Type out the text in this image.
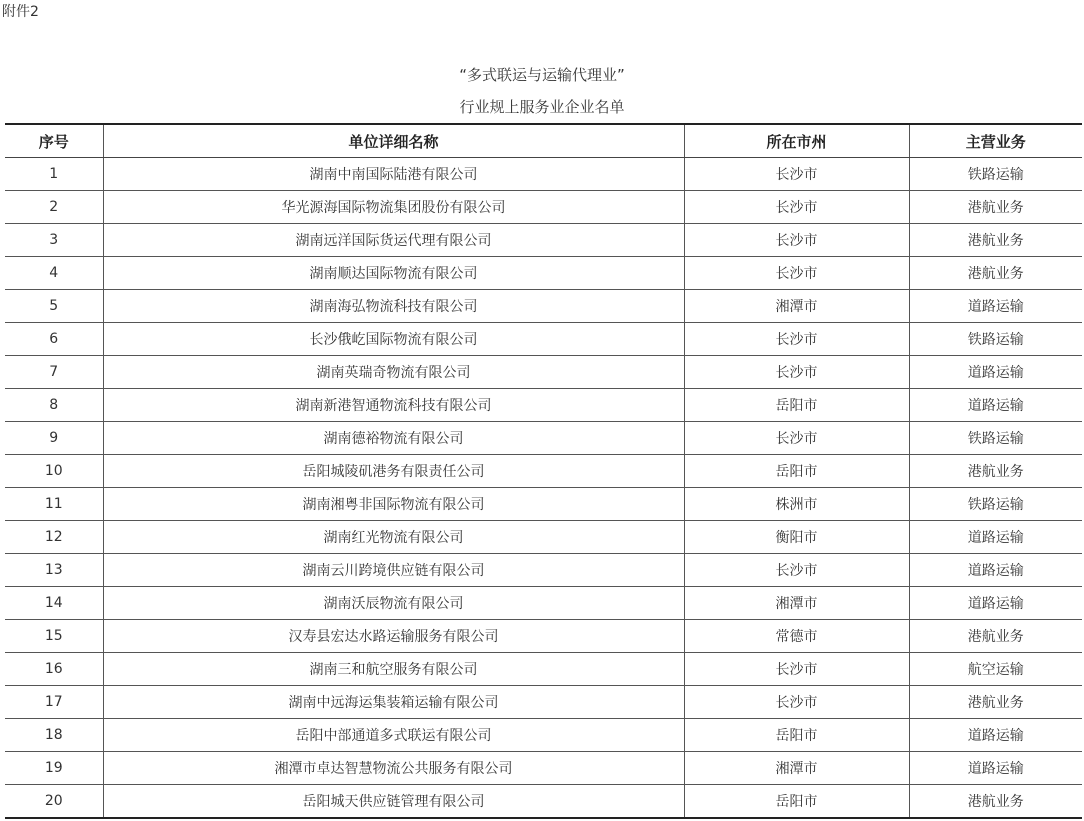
附件2
“多式联运与运输代理业”
行业规上服务业企业名单
序号	单位详细名称	所在市州	主营业务
1	湖南中南国际陆港有限公司	长沙市	铁路运输
2	华光源海国际物流集团股份有限公司	长沙市	港航业务
3	湖南远洋国际货运代理有限公司	长沙市	港航业务
4	湖南顺达国际物流有限公司	长沙市	港航业务
5	湖南海弘物流科技有限公司	湘潭市	道路运输
6	长沙俄屹国际物流有限公司	长沙市	铁路运输
7	湖南英瑞奇物流有限公司	长沙市	道路运输
8	湖南新港智通物流科技有限公司	岳阳市	道路运输
9	湖南德裕物流有限公司	长沙市	铁路运输
10	岳阳城陵矶港务有限责任公司	岳阳市	港航业务
11	湖南湘粤非国际物流有限公司	株洲市	铁路运输
12	湖南红光物流有限公司	衡阳市	道路运输
13	湖南云川跨境供应链有限公司	长沙市	道路运输
14	湖南沃辰物流有限公司	湘潭市	道路运输
15	汉寿县宏达水路运输服务有限公司	常德市	港航业务
16	湖南三和航空服务有限公司	长沙市	航空运输
17	湖南中远海运集装箱运输有限公司	长沙市	港航业务
18	岳阳中部通道多式联运有限公司	岳阳市	道路运输
19	湘潭市卓达智慧物流公共服务有限公司	湘潭市	道路运输
20	岳阳城天供应链管理有限公司	岳阳市	港航业务
